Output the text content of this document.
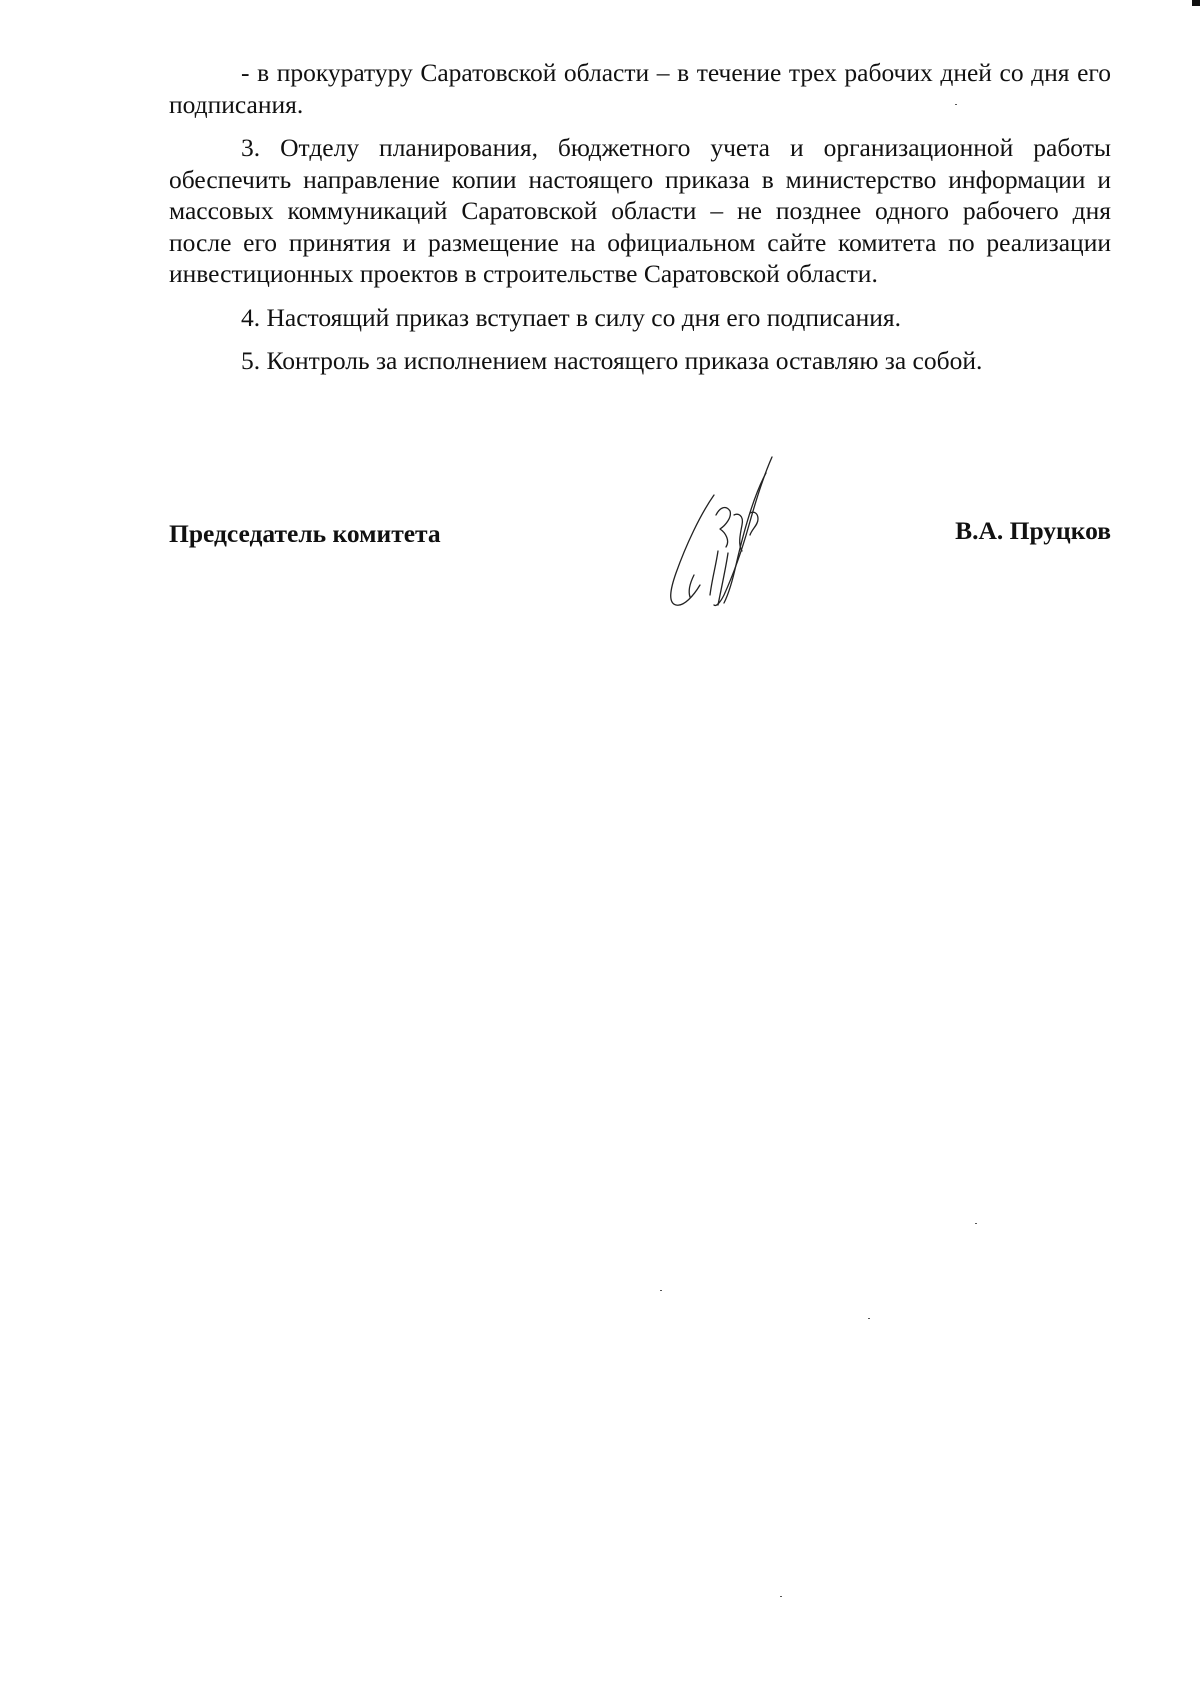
- в прокуратуру Саратовской области – в течение трех рабочих дней со дня его подписания.

3. Отделу планирования, бюджетного учета и организационной работы обеспечить направление копии настоящего приказа в министерство информации и массовых коммуникаций Саратовской области – не позднее одного рабочего дня после его принятия и размещение на официальном сайте комитета по реализации инвестиционных проектов в строительстве Саратовской области.

4. Настоящий приказ вступает в силу со дня его подписания.

5. Контроль за исполнением настоящего приказа оставляю за собой.

Председатель комитета	В.А. Пруцков
